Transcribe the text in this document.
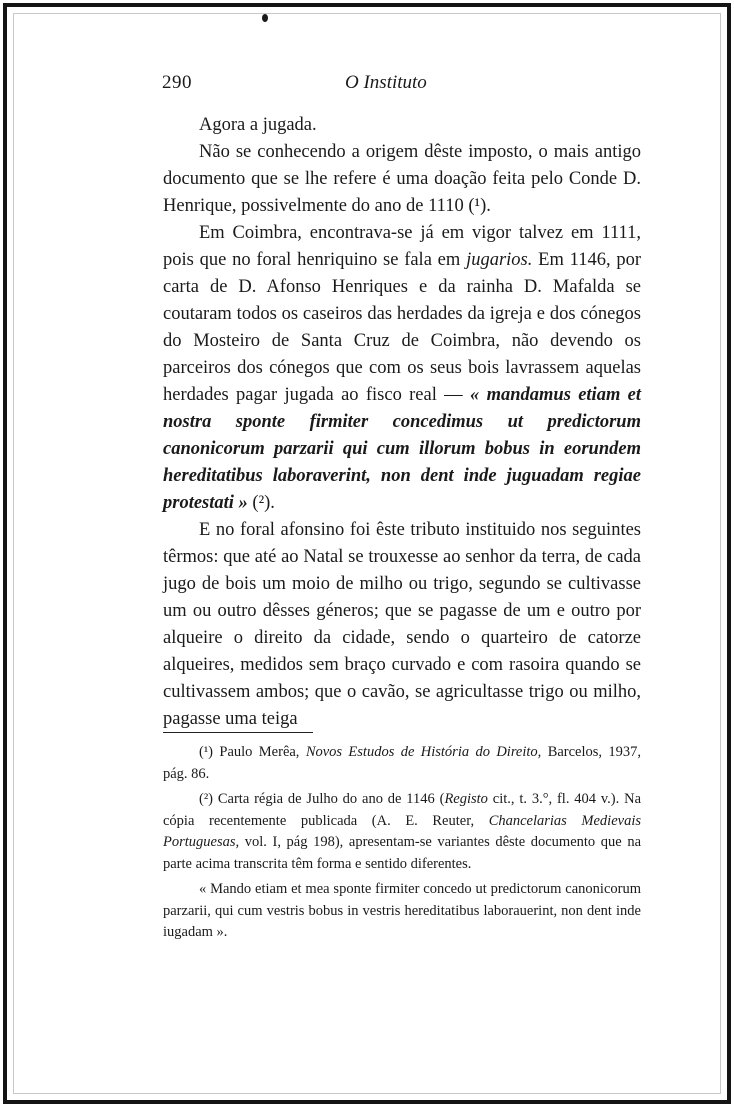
290	O Instituto

Agora a jugada.

Não se conhecendo a origem dêste imposto, o mais antigo documento que se lhe refere é uma doação feita pelo Conde D. Henrique, possivelmente do ano de 1110 (¹).

Em Coimbra, encontrava-se já em vigor talvez em 1111, pois que no foral henriquino se fala em jugarios. Em 1146, por carta de D. Afonso Henriques e da rainha D. Mafalda se coutaram todos os caseiros das herdades da igreja e dos cónegos do Mosteiro de Santa Cruz de Coimbra, não devendo os parceiros dos cónegos que com os seus bois lavrassem aquelas herdades pagar jugada ao fisco real — « mandamus etiam et nostra sponte firmiter concedimus ut predictorum canonicorum parzarii qui cum illorum bobus in eorundem hereditatibus laboraverint, non dent inde juguadam regiae protestati » (²).

E no foral afonsino foi êste tributo instituido nos seguintes têrmos: que até ao Natal se trouxesse ao senhor da terra, de cada jugo de bois um moio de milho ou trigo, segundo se cultivasse um ou outro dêsses géneros; que se pagasse de um e outro por alqueire o direito da cidade, sendo o quarteiro de catorze alqueires, medidos sem braço curvado e com rasoira quando se cultivassem ambos; que o cavão, se agricultasse trigo ou milho, pagasse uma teiga

(¹) Paulo Merêa, Novos Estudos de História do Direito, Barcelos, 1937, pág. 86.

(²) Carta régia de Julho do ano de 1146 (Registo cit., t. 3.°, fl. 404 v.). Na cópia recentemente publicada (A. E. Reuter, Chancelarias Medievais Portuguesas, vol. I, pág 198), apresentam-se variantes dêste documento que na parte acima transcrita têm forma e sentido diferentes.

« Mando etiam et mea sponte firmiter concedo ut predictorum canonicorum parzarii, qui cum vestris bobus in vestris hereditatibus laborauerint, non dent inde iugadam ».
